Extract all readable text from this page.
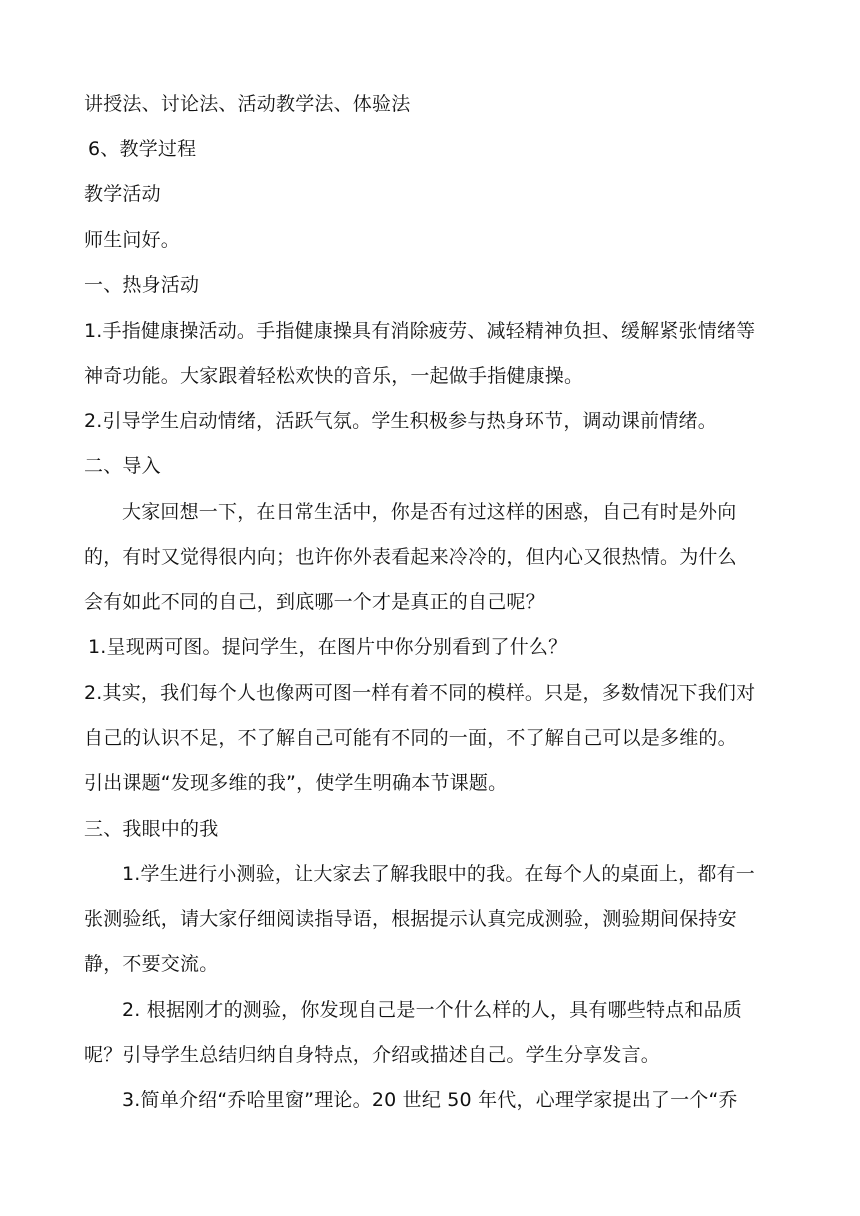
讲授法、讨论法、活动教学法、体验法
6、教学过程
教学活动
师生问好。
一、热身活动
1.手指健康操活动。手指健康操具有消除疲劳、减轻精神负担、缓解紧张情绪等
神奇功能。大家跟着轻松欢快的音乐，一起做手指健康操。
2.引导学生启动情绪，活跃气氛。学生积极参与热身环节，调动课前情绪。
二、导入
大家回想一下，在日常生活中，你是否有过这样的困惑，自己有时是外向
的，有时又觉得很内向；也许你外表看起来冷冷的，但内心又很热情。为什么
会有如此不同的自己，到底哪一个才是真正的自己呢？
1.呈现两可图。提问学生，在图片中你分别看到了什么？
2.其实，我们每个人也像两可图一样有着不同的模样。只是，多数情况下我们对
自己的认识不足，不了解自己可能有不同的一面，不了解自己可以是多维的。
引出课题“发现多维的我”，使学生明确本节课题。
三、我眼中的我
1.学生进行小测验，让大家去了解我眼中的我。在每个人的桌面上，都有一
张测验纸，请大家仔细阅读指导语，根据提示认真完成测验，测验期间保持安
静，不要交流。
2. 根据刚才的测验，你发现自己是一个什么样的人，具有哪些特点和品质
呢？引导学生总结归纳自身特点，介绍或描述自己。学生分享发言。
3.简单介绍“乔哈里窗”理论。20 世纪 50 年代，心理学家提出了一个“乔
